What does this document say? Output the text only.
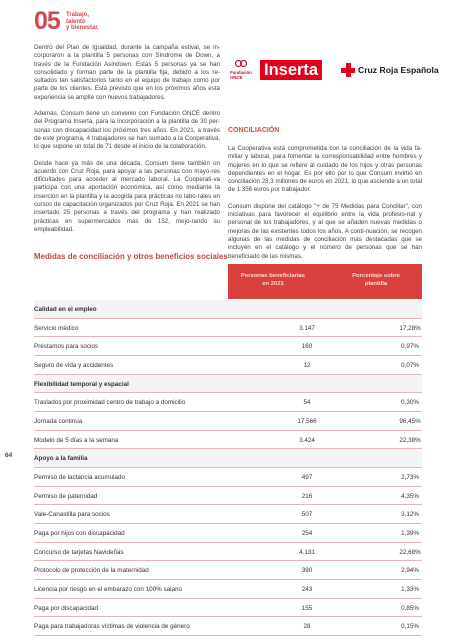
05 Trabajo,
talento
y bienestar.

Dentro del Plan de Igualdad, durante la campaña estival, se in-corporaron a la plantilla 5 personas con Síndrome de Down, a través de la Fundación Asindown. Estas 5 personas ya se han consolidado y forman parte de la plantilla fija, debido a los re-sultados tan satisfactorios tanto en el equipo de trabajo como por parte de los clientes. Está previsto que en los próximos años esta experiencia se amplíe con nuevos trabajadores.

Además, Consum tiene un convenio con Fundación ONCE dentro del Programa Inserta, para la incorporación a la plantilla de 30 per-sonas con discapacidad los próximos tres años. En 2021, a través de este programa, 4 trabajadores se han sumado a la Cooperativa, lo que supone un total de 71 desde el inicio de la colaboración.

Desde hace ya más de una década, Consum tiene también un acuerdo con Cruz Roja, para apoyar a las personas con mayo-res dificultades para acceder al mercado laboral. La Cooperati-va participa con una aportación económica, así como mediante la inserción en la plantilla y la acogida para prácticas no labo-rales en cursos de capacitación organizados por Cruz Roja. En 2021 se han insertado 25 personas a través del programa y han realizado prácticas en supermercados más de 152, mejo-rando su empleabilidad.

Fundación
ONCE	Inserta	Cruz Roja Española
CONCILIACIÓN

La Cooperativa está comprometida con la conciliación de la vida fa-miliar y laboral, para fomentar la corresponsabilidad entre hombres y mujeres en lo que se refiere al cuidado de los hijos y otras personas dependientes en el hogar. Es por ello por lo que Consum invirtió en conciliación 28,3 millones de euros en 2021, lo que asciende a un total de 1.356 euros por trabajador.

Consum dispone del catálogo "+ de 75 Medidas para Conciliar", con iniciativas para favorecer el equilibrio entre la vida profesio-nal y personal de los trabajadores, y al que se añaden nuevas medidas o mejoras de las existentes todos los años. A conti-nuación, se recogen algunas de las medidas de conciliación más destacadas que se incluyen en el catálogo y el número de personas que se han beneficiado de las mismas.

Medidas de conciliación y otros beneficios sociales
Personas beneficiarias
en 2021
Porcentaje sobre
plantilla
Calidad en el empleo
Servicio médico	3.147	17,28%
Préstamos para socios	160	0,97%
Seguro de vida y accidentes	12	0,07%
Flexibilidad temporal y espacial
Traslados por proximidad centro de trabajo a domicilio	54	0,30%
Jornada continua	17.566	96,45%
Modelo de 5 días a la semana	3.424	22,38%
Apoyo a la familia
Permiso de lactancia acumulado	497	2,73%
Permiso de paternidad	216	4,35%
Vale-Canastilla para socios	507	3,12%
Paga por hijos con discapacidad	254	1,39%
Concurso de tarjetas Navideñas	4.131	22,68%
Protocolo de protección de la maternidad	390	2,94%
Licencia por riesgo en el embarazo con 100% salario	243	1,33%
Paga por discapacidad	155	0,85%
Paga para trabajadoras víctimas de violencia de género	28	0,15%
64
